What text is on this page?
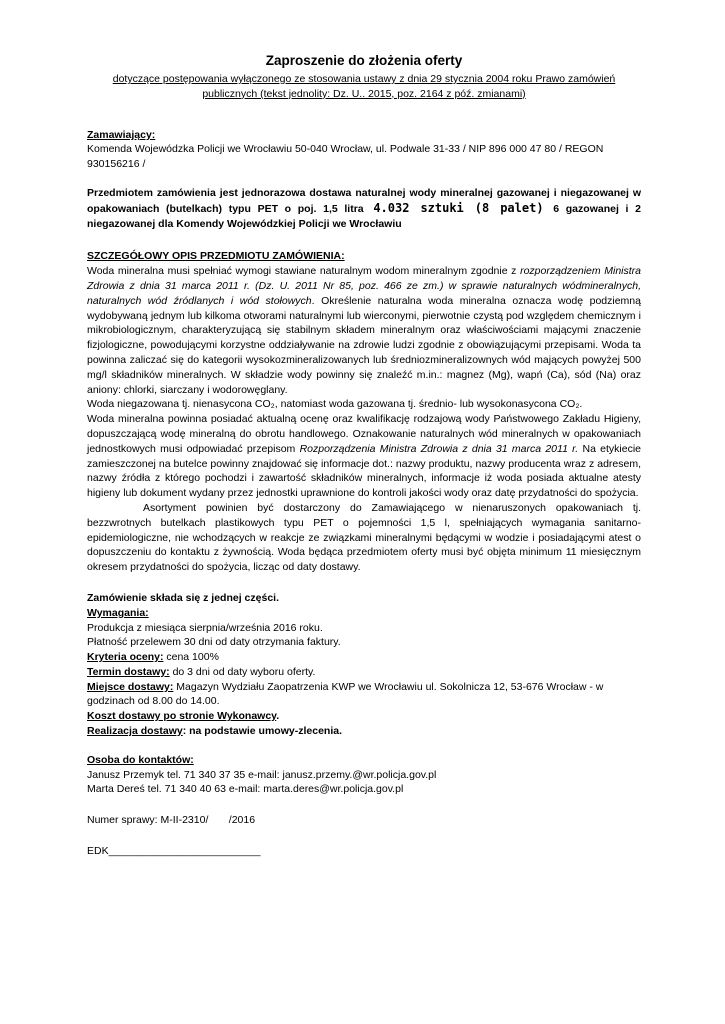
Zaproszenie do złożenia oferty
dotyczące postępowania wyłączonego ze stosowania ustawy z dnia 29 stycznia 2004 roku Prawo zamówień publicznych (tekst jednolity: Dz. U.. 2015, poz. 2164 z póź. zmianami)
Zamawiający:
Komenda Wojewódzka Policji we Wrocławiu 50-040 Wrocław, ul. Podwale 31-33 / NIP 896 000 47 80 / REGON 930156216 /
Przedmiotem zamówienia jest jednorazowa dostawa naturalnej wody mineralnej gazowanej i niegazowanej w opakowaniach (butelkach) typu PET o poj. 1,5 litra 4.032 sztuki (8 palet) 6 gazowanej i 2 niegazowanej dla Komendy Wojewódzkiej Policji we Wrocławiu
SZCZEGÓŁOWY OPIS PRZEDMIOTU ZAMÓWIENIA:

Woda mineralna musi spełniać wymogi stawiane naturalnym wodom mineralnym zgodnie z rozporządzeniem Ministra Zdrowia z dnia 31 marca 2011 r. (Dz. U. 2011 Nr 85, poz. 466 ze zm.) w sprawie naturalnych wódmineralnych, naturalnych wód źródlanych i wód stołowych. Określenie naturalna woda mineralna oznacza wodę podziemną wydobywaną jednym lub kilkoma otworami naturalnymi lub wierconymi, pierwotnie czystą pod względem chemicznym i mikrobiologicznym, charakteryzującą się stabilnym składem mineralnym oraz właściwościami mającymi znaczenie fizjologiczne, powodującymi korzystne oddziaływanie na zdrowie ludzi zgodnie z obowiązującymi przepisami. Woda ta powinna zaliczać się do kategorii wysokozmineralizowanych lub średniozmineralizownych wód mających powyżej 500 mg/l składników mineralnych. W składzie wody powinny się znaleźć m.in.: magnez (Mg), wapń (Ca), sód (Na) oraz aniony: chlorki, siarczany i wodorowęglany.

Woda niegazowana tj. nienasycona CO₂, natomiast woda gazowana tj. średnio- lub wysokonasycona CO₂.

Woda mineralna powinna posiadać aktualną ocenę oraz kwalifikację rodzajową wody Państwowego Zakładu Higieny, dopuszczającą wodę mineralną do obrotu handlowego. Oznakowanie naturalnych wód mineralnych w opakowaniach jednostkowych musi odpowiadać przepisom Rozporządzenia Ministra Zdrowia z dnia 31 marca 2011 r. Na etykiecie zamieszczonej na butelce powinny znajdować się informacje dot.: nazwy produktu, nazwy producenta wraz z adresem, nazwy źródła z którego pochodzi i zawartość składników mineralnych, informacje iż woda posiada aktualne atesty higieny lub dokument wydany przez jednostki uprawnione do kontroli jakości wody oraz datę przydatności do spożycia.

Asortyment powinien być dostarczony do Zamawiającego w nienaruszonych opakowaniach tj. bezzwrotnych butelkach plastikowych typu PET o pojemności 1,5 l, spełniających wymagania sanitarno-epidemiologiczne, nie wchodzących w reakcje ze związkami mineralnymi będącymi w wodzie i posiadającymi atest o dopuszczeniu do kontaktu z żywnością. Woda będąca przedmiotem oferty musi być objęta minimum 11 miesięcznym okresem przydatności do spożycia, licząc od daty dostawy.

Zamówienie składa się z jednej części.
Wymagania:
Produkcja z miesiąca sierpnia/września 2016 roku.
Płatność przelewem 30 dni od daty otrzymania faktury.
Kryteria oceny: cena 100%
Termin dostawy: do 3 dni od daty wyboru oferty.
Miejsce dostawy: Magazyn Wydziału Zaopatrzenia KWP we Wrocławiu ul. Sokolnicza 12, 53-676 Wrocław - w godzinach od 8.00 do 14.00.
Koszt dostawy po stronie Wykonawcy.
Realizacja dostawy: na podstawie umowy-zlecenia.
Osoba do kontaktów:
Janusz Przemyk tel. 71 340 37 35 e-mail: janusz.przemy.@wr.policja.gov.pl
Marta Dereś tel. 71 340 40 63 e-mail: marta.deres@wr.policja.gov.pl
Numer sprawy: M-II-2310/       /2016
EDK__________________________
